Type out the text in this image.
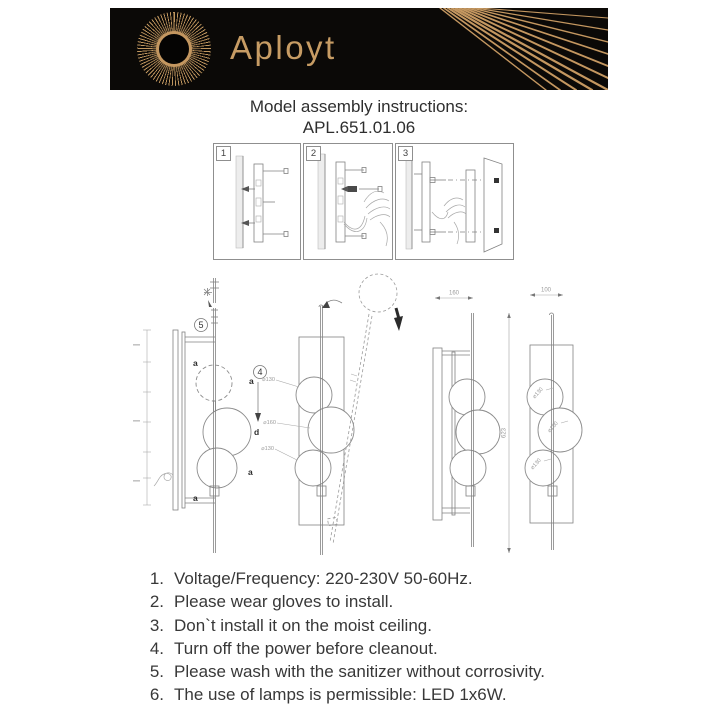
Aployt
Model assembly instructions:
APL.651.01.06
1	2	3
5
a
a
a
4
d
a
⌀130
⌀160
⌀130
160
623
100
⌀130
⌀160
⌀130
1. Voltage/Frequency: 220-230V 50-60Hz.
2. Please wear gloves to install.
3. Don`t install it on the moist ceiling.
4. Turn off the power before cleanout.
5. Please wash with the sanitizer without corrosivity.
6. The use of lamps is permissible: LED 1x6W.
